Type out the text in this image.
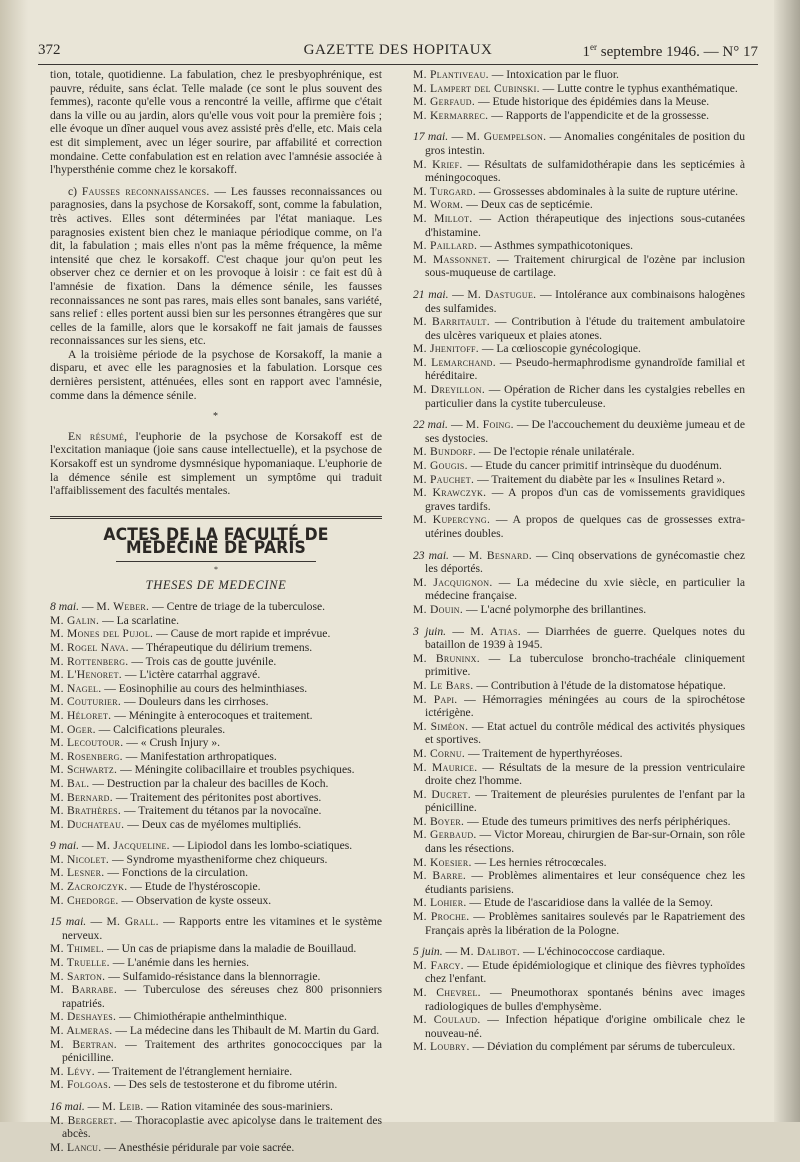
372	GAZETTE DES HOPITAUX	1er septembre 1946. — N° 17

tion, totale, quotidienne. La fabulation, chez le presbyophrénique, est pauvre, réduite, sans éclat. Telle malade (ce sont le plus souvent des femmes), raconte qu'elle vous a rencontré la veille, affirme que c'était dans la ville ou au jardin, alors qu'elle vous voit pour la première fois ; elle évoque un dîner auquel vous avez assisté près d'elle, etc. Mais cela est dit simplement, avec un léger sourire, par affabilité et correction mondaine. Cette confabulation est en relation avec l'amnésie associée à l'hypersthénie comme chez le korsakoff.

c) Fausses reconnaissances. — Les fausses reconnaissances ou paragnosies, dans la psychose de Korsakoff, sont, comme la fabulation, très actives. Elles sont déterminées par l'état maniaque. Les paragnosies existent bien chez le maniaque périodique comme, on l'a dit, la fabulation ; mais elles n'ont pas la même fréquence, la même intensité que chez le korsakoff. C'est chaque jour qu'on peut les observer chez ce dernier et on les provoque à loisir : ce fait est dû à l'amnésie de fixation. Dans la démence sénile, les fausses reconnaissances ne sont pas rares, mais elles sont banales, sans variété, sans relief : elles portent aussi bien sur les personnes étrangères que sur celles de la famille, alors que le korsakoff ne fait jamais de fausses reconnaissances sur les siens, etc.

A la troisième période de la psychose de Korsakoff, la manie a disparu, et avec elle les paragnosies et la fabulation. Lorsque ces dernières persistent, atténuées, elles sont en rapport avec l'amnésie, comme dans la démence sénile.

*

En résumé, l'euphorie de la psychose de Korsakoff est de l'excitation maniaque (joie sans cause intellectuelle), et la psychose de Korsakoff est un syndrome dysmnésique hypomaniaque. L'euphorie de la démence sénile est simplement un symptôme qui traduit l'affaiblissement des facultés mentales.

ACTES DE LA FACULTÉ DE MÉDECINE DE PARIS
*
THESES DE MEDECINE

8 mai. — M. Weber. — Centre de triage de la tuberculose.

M. Galin. — La scarlatine.

M. Mones del Pujol. — Cause de mort rapide et imprévue.

M. Rogel Nava. — Thérapeutique du délirium tremens.

M. Rottenberg. — Trois cas de goutte juvénile.

M. L'Henoret. — L'ictère catarrhal aggravé.

M. Nagel. — Eosinophilie au cours des helminthiases.

M. Couturier. — Douleurs dans les cirrhoses.

M. Héloret. — Méningite à enterocoques et traitement.

M. Oger. — Calcifications pleurales.

M. Lecoutour. — « Crush Injury ».

M. Rosenberg. — Manifestation arthropatiques.

M. Schwartz. — Méningite colibacillaire et troubles psychiques.

M. Bal. — Destruction par la chaleur des bacilles de Koch.

M. Bernard. — Traitement des péritonites post abortives.

M. Brathères. — Traitement du tétanos par la novocaïne.

M. Duchateau. — Deux cas de myélomes multipliés.

9 mai. — M. Jacqueline. — Lipiodol dans les lombo-sciatiques.

M. Nicolet. — Syndrome myastheniforme chez chiqueurs.

M. Lesner. — Fonctions de la circulation.

M. Zacrojczyk. — Etude de l'hystéroscopie.

M. Chedorge. — Observation de kyste osseux.

15 mai. — M. Grall. — Rapports entre les vitamines et le système nerveux.

M. Thimel. — Un cas de priapisme dans la maladie de Bouillaud.

M. Truelle. — L'anémie dans les hernies.

M. Sarton. — Sulfamido-résistance dans la blennorragie.

M. Barrabe. — Tuberculose des séreuses chez 800 prisonniers rapatriés.

M. Deshayes. — Chimiothérapie anthelminthique.

M. Almeras. — La médecine dans les Thibault de M. Martin du Gard.

M. Bertran. — Traitement des arthrites gonococciques par la pénicilline.

M. Lévy. — Traitement de l'étranglement herniaire.

M. Folgoas. — Des sels de testosterone et du fibrome utérin.

16 mai. — M. Leib. — Ration vitaminée des sous-mariniers.

M. Bergeret. — Thoracoplastie avec apicolyse dans le traitement des abcès.

M. Lancu. — Anesthésie péridurale par voie sacrée.

M. Plantiveau. — Intoxication par le fluor.

M. Lampert del Cubinski. — Lutte contre le typhus exanthématique.

M. Gerfaud. — Etude historique des épidémies dans la Meuse.

M. Kermarrec. — Rapports de l'appendicite et de la grossesse.

17 mai. — M. Guempelson. — Anomalies congénitales de position du gros intestin.

M. Krief. — Résultats de sulfamidothérapie dans les septicémies à méningocoques.

M. Turgard. — Grossesses abdominales à la suite de rupture utérine.

M. Worm. — Deux cas de septicémie.

M. Millot. — Action thérapeutique des injections sous-cutanées d'histamine.

M. Paillard. — Asthmes sympathicotoniques.

M. Massonnet. — Traitement chirurgical de l'ozène par inclusion sous-muqueuse de cartilage.

21 mai. — M. Dastugue. — Intolérance aux combinaisons halogènes des sulfamides.

M. Barritault. — Contribution à l'étude du traitement ambulatoire des ulcères variqueux et plaies atones.

M. Jhenitoff. — La cœlioscopie gynécologique.

M. Lemarchand. — Pseudo-hermaphrodisme gynandroïde familial et héréditaire.

M. Dreyillon. — Opération de Richer dans les cystalgies rebelles en particulier dans la cystite tuberculeuse.

22 mai. — M. Foing. — De l'accouchement du deuxième jumeau et de ses dystocies.

M. Bundorf. — De l'ectopie rénale unilatérale.

M. Gougis. — Etude du cancer primitif intrinsèque du duodénum.

M. Pauchet. — Traitement du diabète par les « Insulines Retard ».

M. Krawczyk. — A propos d'un cas de vomissements gravidiques graves tardifs.

M. Kupercyng. — A propos de quelques cas de grossesses extra-utérines doubles.

23 mai. — M. Besnard. — Cinq observations de gynécomastie chez les déportés.

M. Jacquignon. — La médecine du xvie siècle, en particulier la médecine française.

M. Douin. — L'acné polymorphe des brillantines.

3 juin. — M. Atias. — Diarrhées de guerre. Quelques notes du bataillon de 1939 à 1945.

M. Bruninx. — La tuberculose broncho-trachéale cliniquement primitive.

M. Le Bars. — Contribution à l'étude de la distomatose hépatique.

M. Papi. — Hémorragies méningées au cours de la spirochétose ictérigène.

M. Siméon. — Etat actuel du contrôle médical des activités physiques et sportives.

M. Cornu. — Traitement de hyperthyréoses.

M. Maurice. — Résultats de la mesure de la pression ventriculaire droite chez l'homme.

M. Ducret. — Traitement de pleurésies purulentes de l'enfant par la pénicilline.

M. Boyer. — Etude des tumeurs primitives des nerfs périphériques.

M. Gerbaud. — Victor Moreau, chirurgien de Bar-sur-Ornain, son rôle dans les résections.

M. Koesier. — Les hernies rétrocœcales.

M. Barre. — Problèmes alimentaires et leur conséquence chez les étudiants parisiens.

M. Lohier. — Etude de l'ascaridiose dans la vallée de la Semoy.

M. Proche. — Problèmes sanitaires soulevés par le Rapatriement des Français après la libération de la Pologne.

5 juin. — M. Dalibot. — L'échinococcose cardiaque.

M. Farcy. — Etude épidémiologique et clinique des fièvres typhoïdes chez l'enfant.

M. Chevrel. — Pneumothorax spontanés bénins avec images radiologiques de bulles d'emphysème.

M. Coulaud. — Infection hépatique d'origine ombilicale chez le nouveau-né.

M. Loubry. — Déviation du complément par sérums de tuberculeux.
